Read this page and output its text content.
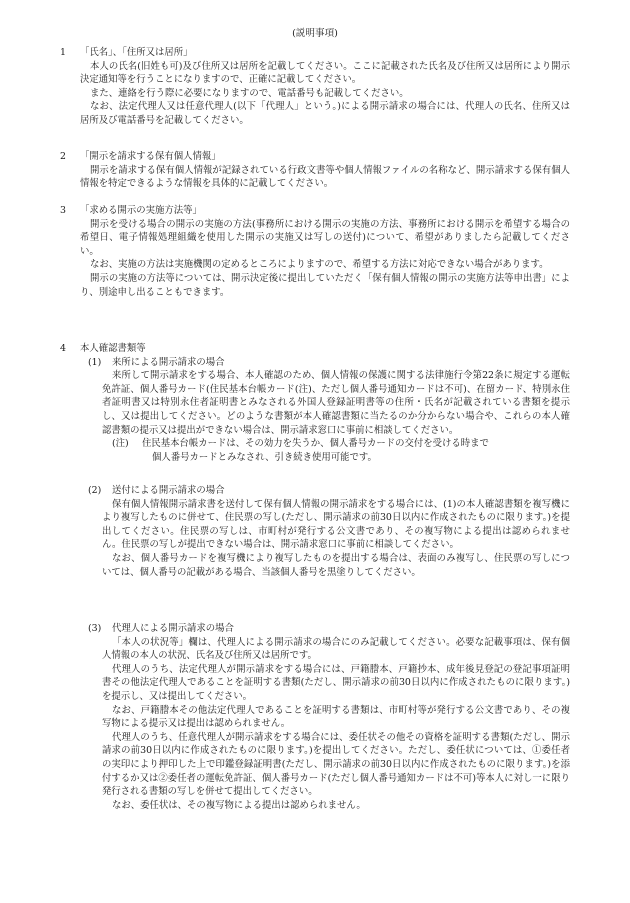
(説明事項)
1 「氏名」、「住所又は居所」

本人の氏名(旧姓も可)及び住所又は居所を記載してください。ここに記載された氏名及び住所又は居所により開示決定通知等を行うことになりますので、正確に記載してください。

また、連絡を行う際に必要になりますので、電話番号も記載してください。

なお、法定代理人又は任意代理人(以下「代理人」という。)による開示請求の場合には、代理人の氏名、住所又は居所及び電話番号を記載してください。

2 「開示を請求する保有個人情報」

開示を請求する保有個人情報が記録されている行政文書等や個人情報ファイルの名称など、開示請求する保有個人情報を特定できるような情報を具体的に記載してください。

3 「求める開示の実施方法等」

開示を受ける場合の開示の実施の方法(事務所における開示の実施の方法、事務所における開示を希望する場合の希望日、電子情報処理組織を使用した開示の実施又は写しの送付)について、希望がありましたら記載してください。

なお、実施の方法は実施機関の定めるところによりますので、希望する方法に対応できない場合があります。

開示の実施の方法等については、開示決定後に提出していただく「保有個人情報の開示の実施方法等申出書」により、別途申し出ることもできます。

4 本人確認書類等
(1) 来所による開示請求の場合

来所して開示請求をする場合、本人確認のため、個人情報の保護に関する法律施行令第22条に規定する運転免許証、個人番号カード(住民基本台帳カード(注)、ただし個人番号通知カードは不可)、在留カード、特別永住者証明書又は特別永住者証明書とみなされる外国人登録証明書等の住所・氏名が記載されている書類を提示し、又は提出してください。どのような書類が本人確認書類に当たるのか分からない場合や、これらの本人確認書類の提示又は提出ができない場合は、開示請求窓口に事前に相談してください。

(注) 住民基本台帳カードは、その効力を失うか、個人番号カードの交付を受ける時まで
個人番号カードとみなされ、引き続き使用可能です。
(2) 送付による開示請求の場合

保有個人情報開示請求書を送付して保有個人情報の開示請求をする場合には、(1)の本人確認書類を複写機により複写したものに併せて、住民票の写し(ただし、開示請求の前30日以内に作成されたものに限ります。)を提出してください。住民票の写しは、市町村が発行する公文書であり、その複写物による提出は認められません。住民票の写しが提出できない場合は、開示請求窓口に事前に相談してください。

なお、個人番号カードを複写機により複写したものを提出する場合は、表面のみ複写し、住民票の写しについては、個人番号の記載がある場合、当該個人番号を黒塗りしてください。

(3) 代理人による開示請求の場合

「本人の状況等」欄は、代理人による開示請求の場合にのみ記載してください。必要な記載事項は、保有個人情報の本人の状況、氏名及び住所又は居所です。

代理人のうち、法定代理人が開示請求をする場合には、戸籍謄本、戸籍抄本、成年後見登記の登記事項証明書その他法定代理人であることを証明する書類(ただし、開示請求の前30日以内に作成されたものに限ります。)を提示し、又は提出してください。

なお、戸籍謄本その他法定代理人であることを証明する書類は、市町村等が発行する公文書であり、その複写物による提示又は提出は認められません。

代理人のうち、任意代理人が開示請求をする場合には、委任状その他その資格を証明する書類(ただし、開示請求の前30日以内に作成されたものに限ります。)を提出してください。ただし、委任状については、①委任者の実印により押印した上で印鑑登録証明書(ただし、開示請求の前30日以内に作成されたものに限ります。)を添付するか又は②委任者の運転免許証、個人番号カード(ただし個人番号通知カードは不可)等本人に対し一に限り発行される書類の写しを併せて提出してください。

なお、委任状は、その複写物による提出は認められません。
